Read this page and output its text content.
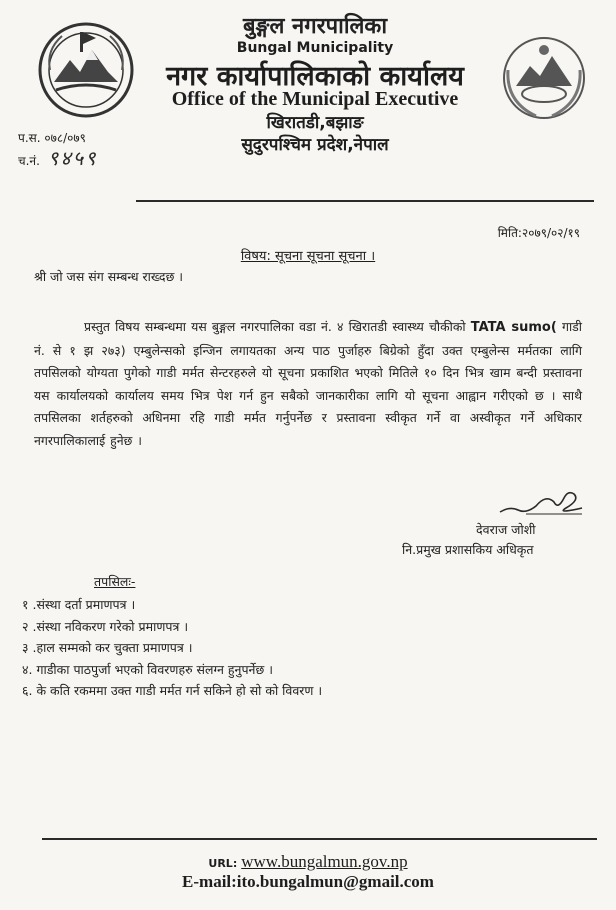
बुङ्गल नगरपालिका
Bungal Municipality
नगर कार्यापालिकाको कार्यालय
Office of the Municipal Executive
खिरातडी,बझाङ
सुदुरपश्चिम प्रदेश,नेपाल
प.स. ०७८/०७९
च.नं. ९४५९
मिति:२०७९/०२/१९
विषय: सूचना सूचना सूचना ।
श्री जो जस संग सम्बन्ध राख्दछ ।
प्रस्तुत विषय सम्बन्धमा यस बुङ्गल नगरपालिका वडा नं. ४ खिरातडी स्वास्थ्य चौकीको TATA sumo( गाडी नं. से १ झ २७३) एम्बुलेन्सको इन्जिन लगायतका अन्य पाठ पुर्जाहरु बिग्रेको हुँदा उक्त एम्बुलेन्स मर्मतका लागि तपसिलको योग्यता पुगेको गाडी मर्मत सेन्टरहरुले यो सूचना प्रकाशित भएको मितिले १० दिन भित्र खाम बन्दी प्रस्तावना यस कार्यालयको कार्यालय समय भित्र पेश गर्न हुन सबैको जानकारीका लागि यो सूचना आह्वान गरीएको छ । साथै तपसिलका शर्तहरुको अधिनमा रहि गाडी मर्मत गर्नुपर्नेछ र प्रस्तावना स्वीकृत गर्ने वा अस्वीकृत गर्ने अधिकार नगरपालिकालाई हुनेछ ।
देवराज जोशी
नि.प्रमुख प्रशासकिय अधिकृत
तपसिलः-
१ .संस्था दर्ता प्रमाणपत्र ।
२ .संस्था नविकरण गरेको प्रमाणपत्र ।
३ .हाल सम्मको कर चुक्ता प्रमाणपत्र ।
४. गाडीका पाठपुर्जा भएको विवरणहरु संलग्न हुनुपर्नेछ ।
६. के कति रकममा उक्त गाडी मर्मत गर्न सकिने हो सो को विवरण ।
URL: www.bungalmun.gov.np
E-mail:ito.bungalmun@gmail.com
